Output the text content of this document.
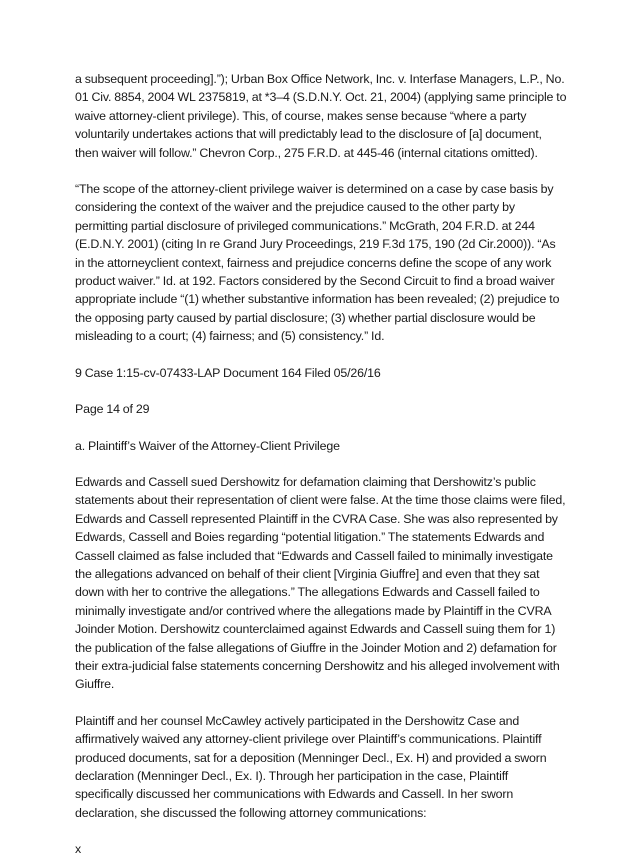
a subsequent proceeding].”); Urban Box Office Network, Inc. v. Interfase Managers, L.P., No. 01 Civ. 8854, 2004 WL 2375819, at *3–4 (S.D.N.Y. Oct. 21, 2004) (applying same principle to waive attorney-client privilege). This, of course, makes sense because “where a party voluntarily undertakes actions that will predictably lead to the disclosure of [a] document, then waiver will follow.” Chevron Corp., 275 F.R.D. at 445-46 (internal citations omitted).

“The scope of the attorney-client privilege waiver is determined on a case by case basis by considering the context of the waiver and the prejudice caused to the other party by permitting partial disclosure of privileged communications.” McGrath, 204 F.R.D. at 244 (E.D.N.Y. 2001) (citing In re Grand Jury Proceedings, 219 F.3d 175, 190 (2d Cir.2000)). “As in the attorneyclient context, fairness and prejudice concerns define the scope of any work product waiver.” Id. at 192. Factors considered by the Second Circuit to find a broad waiver appropriate include “(1) whether substantive information has been revealed; (2) prejudice to the opposing party caused by partial disclosure; (3) whether partial disclosure would be misleading to a court; (4) fairness; and (5) consistency.” Id.

9 Case 1:15-cv-07433-LAP Document 164 Filed 05/26/16

Page 14 of 29

a. Plaintiff’s Waiver of the Attorney-Client Privilege

Edwards and Cassell sued Dershowitz for defamation claiming that Dershowitz’s public statements about their representation of client were false. At the time those claims were filed, Edwards and Cassell represented Plaintiff in the CVRA Case. She was also represented by Edwards, Cassell and Boies regarding “potential litigation.” The statements Edwards and Cassell claimed as false included that “Edwards and Cassell failed to minimally investigate the allegations advanced on behalf of their client [Virginia Giuffre] and even that they sat down with her to contrive the allegations.” The allegations Edwards and Cassell failed to minimally investigate and/or contrived where the allegations made by Plaintiff in the CVRA Joinder Motion. Dershowitz counterclaimed against Edwards and Cassell suing them for 1) the publication of the false allegations of Giuffre in the Joinder Motion and 2) defamation for their extra-judicial false statements concerning Dershowitz and his alleged involvement with Giuffre.

Plaintiff and her counsel McCawley actively participated in the Dershowitz Case and affirmatively waived any attorney-client privilege over Plaintiff’s communications. Plaintiff produced documents, sat for a deposition (Menninger Decl., Ex. H) and provided a sworn declaration (Menninger Decl., Ex. I). Through her participation in the case, Plaintiff specifically discussed her communications with Edwards and Cassell. In her sworn declaration, she discussed the following attorney communications:

x
